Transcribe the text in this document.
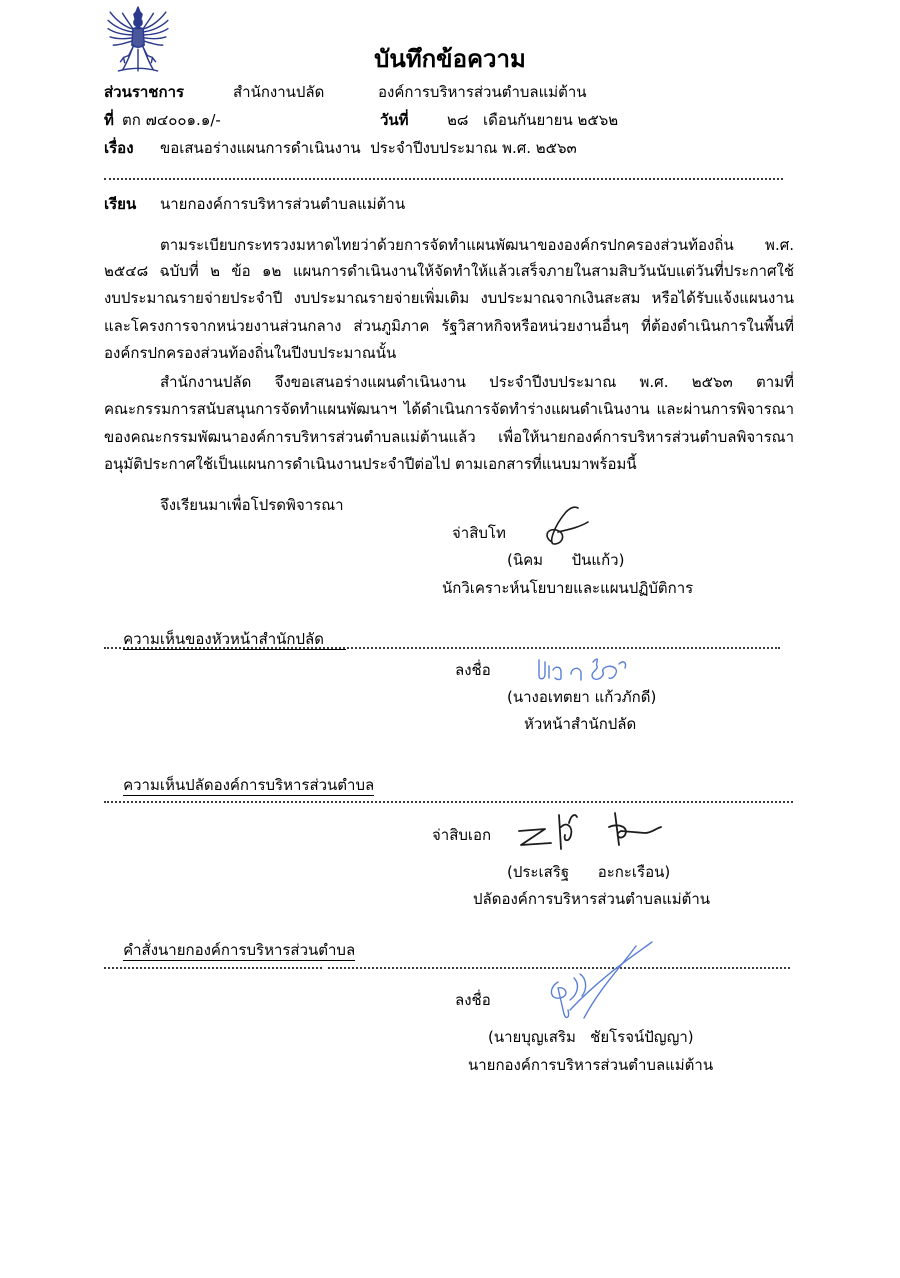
บันทึกข้อความ
ส่วนราชการ	สำนักงานปลัด	องค์การบริหารส่วนตำบลแม่ต้าน
ที่ ตก ๗๔๐๐๑.๑/-	วันที่	๒๘ เดือนกันยายน ๒๕๖๒
เรื่อง ขอเสนอร่างแผนการดำเนินงาน  ประจำปีงบประมาณ พ.ศ. ๒๕๖๓
เรียน นายกองค์การบริหารส่วนตำบลแม่ต้าน
ตามระเบียบกระทรวงมหาดไทยว่าด้วยการจัดทำแผนพัฒนาขององค์กรปกครองส่วนท้องถิ่น พ.ศ.
๒๕๔๘ ฉบับที่ ๒ ข้อ ๑๒ แผนการดำเนินงานให้จัดทำให้แล้วเสร็จภายในสามสิบวันนับแต่วันที่ประกาศใช้
งบประมาณรายจ่ายประจำปี งบประมาณรายจ่ายเพิ่มเติม งบประมาณจากเงินสะสม หรือได้รับแจ้งแผนงาน
และโครงการจากหน่วยงานส่วนกลาง ส่วนภูมิภาค รัฐวิสาหกิจหรือหน่วยงานอื่นๆ ที่ต้องดำเนินการในพื้นที่
องค์กรปกครองส่วนท้องถิ่นในปีงบประมาณนั้น
สำนักงานปลัด จึงขอเสนอร่างแผนดำเนินงาน ประจำปีงบประมาณ พ.ศ. ๒๕๖๓ ตามที่
คณะกรรมการสนับสนุนการจัดทำแผนพัฒนาฯ ได้ดำเนินการจัดทำร่างแผนดำเนินงาน และผ่านการพิจารณา
ของคณะกรรมพัฒนาองค์การบริหารส่วนตำบลแม่ต้านแล้ว เพื่อให้นายกองค์การบริหารส่วนตำบลพิจารณา
อนุมัติประกาศใช้เป็นแผนการดำเนินงานประจำปีต่อไป ตามเอกสารที่แนบมาพร้อมนี้
จึงเรียนมาเพื่อโปรดพิจารณา
จ่าสิบโท
(นิคม      ปันแก้ว)
นักวิเคราะห์นโยบายและแผนปฏิบัติการ

ความเห็นของหัวหน้าสำนักปลัด

ลงชื่อ
(นางอเทตยา แก้วภักดี)
หัวหน้าสำนักปลัด

ความเห็นปลัดองค์การบริหารส่วนตำบล

จ่าสิบเอก
(ประเสริฐ      อะกะเรือน)
ปลัดองค์การบริหารส่วนตำบลแม่ต้าน

คำสั่งนายกองค์การบริหารส่วนตำบล

ลงชื่อ
(นายบุญเสริม   ชัยโรจน์ปัญญา)
นายกองค์การบริหารส่วนตำบลแม่ต้าน
